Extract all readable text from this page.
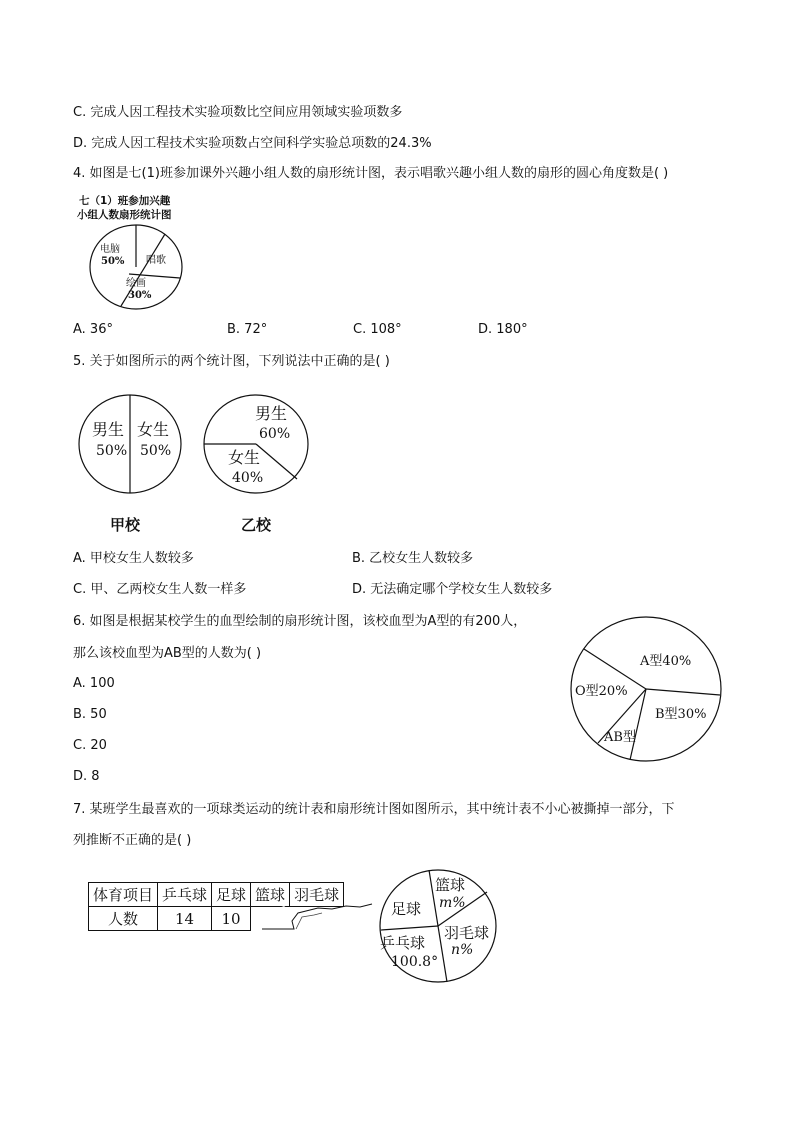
C. 完成人因工程技术实验项数比空间应用领域实验项数多
D. 完成人因工程技术实验项数占空间科学实验总项数的24.3%
4. 如图是七(1)班参加课外兴趣小组人数的扇形统计图，表示唱歌兴趣小组人数的扇形的圆心角度数是( )
七（1）班参加兴趣
小组人数扇形统计图
电脑
50% 唱歌
绘画
30%
A. 36°	B. 72°	C. 108°	D. 180°
5. 关于如图所示的两个统计图，下列说法中正确的是( )
男生
50%
女生
50%
男生
60%
女生
40%
甲校	乙校
A. 甲校女生人数较多	B. 乙校女生人数较多
C. 甲、乙两校女生人数一样多	D. 无法确定哪个学校女生人数较多
6. 如图是根据某校学生的血型绘制的扇形统计图，该校血型为A型的有200人，
那么该校血型为AB型的人数为( )
A. 100
B. 50
C. 20
D. 8
A型40%
B型30%
AB型
O型20%
7. 某班学生最喜欢的一项球类运动的统计表和扇形统计图如图所示，其中统计表不小心被撕掉一部分，下
列推断不正确的是( )
体育项目	乒乓球	足球	篮球	羽毛球
人数	14	10		
篮球
m%
足球
羽毛球
n%
乒乓球
100.8°
